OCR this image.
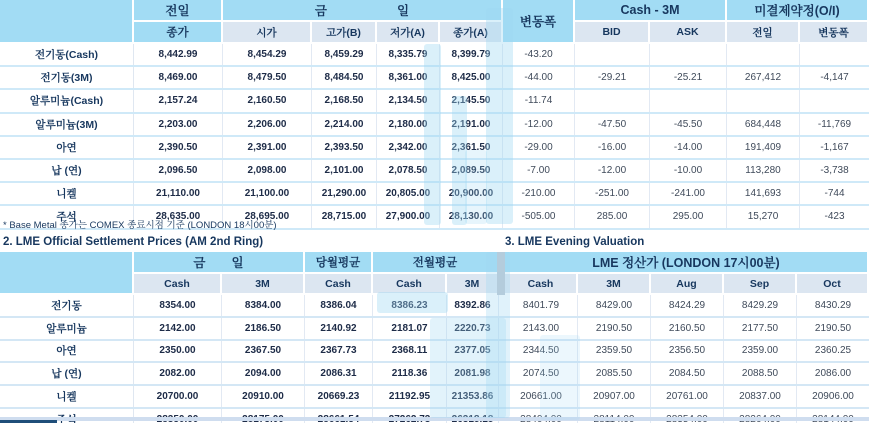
전일
종가
금	일
시가	고가(B)	저가(A)	종가(A)
변동폭
Cash - 3M
BID	ASK
미결제약정(O/I)
전일	변동폭
전기동(Cash)	8,442.99	8,454.29	8,459.29	8,335.79	8,399.79	-43.20
전기동(3M)	8,469.00	8,479.50	8,484.50	8,361.00	8,425.00	-44.00	-29.21	-25.21	267,412	-4,147
알루미늄(Cash)	2,157.24	2,160.50	2,168.50	2,134.50	2,145.50	-11.74
알루미늄(3M)	2,203.00	2,206.00	2,214.00	2,180.00	2,191.00	-12.00	-47.50	-45.50	684,448	-11,769
아연	2,390.50	2,391.00	2,393.50	2,342.00	2,361.50	-29.00	-16.00	-14.00	191,409	-1,167
납 (연)	2,096.50	2,098.00	2,101.00	2,078.50	2,089.50	-7.00	-12.00	-10.00	113,280	-3,738
니켈	21,110.00	21,100.00	21,290.00	20,805.00	20,900.00	-210.00	-251.00	-241.00	141,693	-744
주석	28,635.00	28,695.00	28,715.00	27,900.00	28,130.00	-505.00	285.00	295.00	15,270	-423
* Base Metal 종가는 COMEX 종료시점 기준 (LONDON 18시00분)
2. LME Official Settlement Prices (AM 2nd Ring)	3. LME Evening Valuation
금 일	당월평균	전월평균
Cash	3M	Cash	Cash	3M
LME 정산가 (LONDON 17시00분)
Cash	3M	Aug	Sep	Oct
전기동	8354.00	8384.00	8386.04	8386.23	8392.86	8401.79	8429.00	8424.29	8429.29	8430.29
알루미늄	2142.00	2186.50	2140.92	2181.07	2220.73	2143.00	2190.50	2160.50	2177.50	2190.50
아연	2350.00	2367.50	2367.73	2368.11	2377.05	2344.50	2359.50	2356.50	2359.00	2360.25
납 (연)	2082.00	2094.00	2086.31	2118.36	2081.98	2074.50	2085.50	2084.50	2088.50	2086.00
니켈	20700.00	20910.00	20669.23	21192.95	21353.86	20661.00	20907.00	20761.00	20837.00	20906.00
